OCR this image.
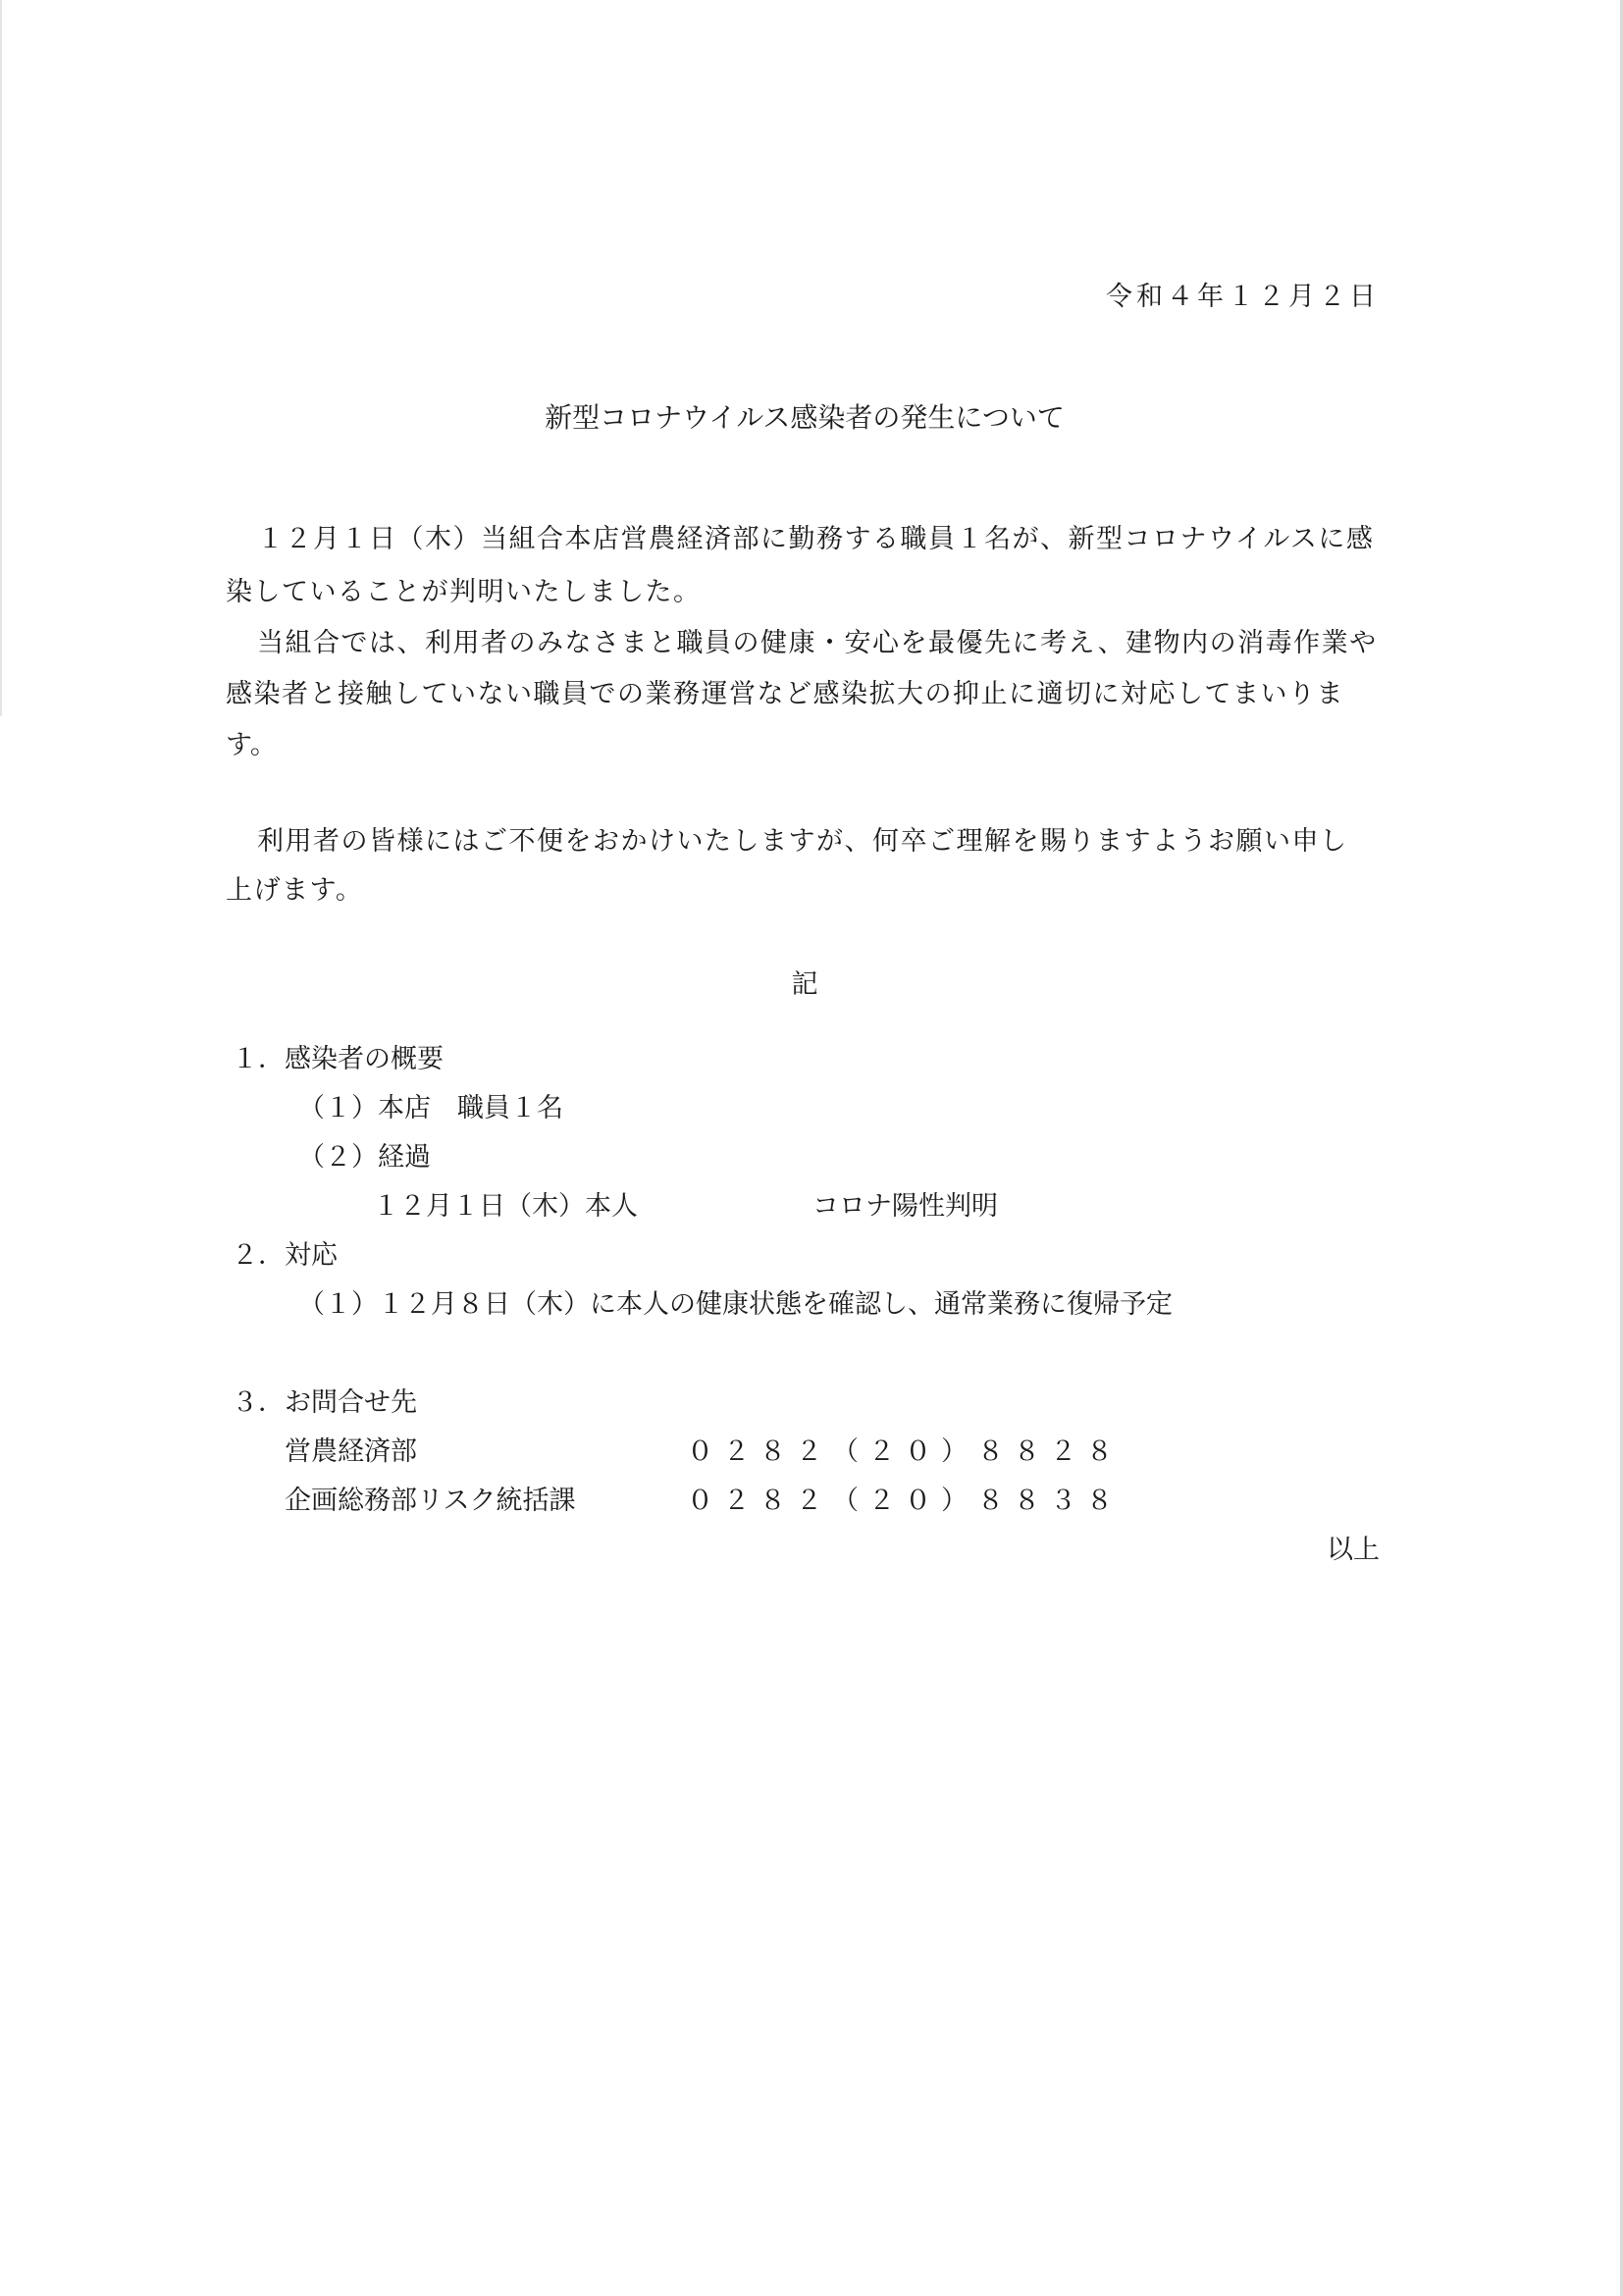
令和４年１２月２日
新型コロナウイルス感染者の発生について
１２月１日（木）当組合本店営農経済部に勤務する職員１名が、新型コロナウイルスに感
染していることが判明いたしました。
当組合では、利用者のみなさまと職員の健康・安心を最優先に考え、建物内の消毒作業や
感染者と接触していない職員での業務運営など感染拡大の抑止に適切に対応してまいりま
す。
利用者の皆様にはご不便をおかけいたしますが、何卒ご理解を賜りますようお願い申し
上げます。
記
１．感染者の概要
（１）本店　職員１名
（２）経過
１２月１日（木）本人	コロナ陽性判明
２．対応
（１）１２月８日（木）に本人の健康状態を確認し、通常業務に復帰予定
３．お問合せ先
営農経済部	０２８２（２０）８８２８
企画総務部リスク統括課	０２８２（２０）８８３８
以上
